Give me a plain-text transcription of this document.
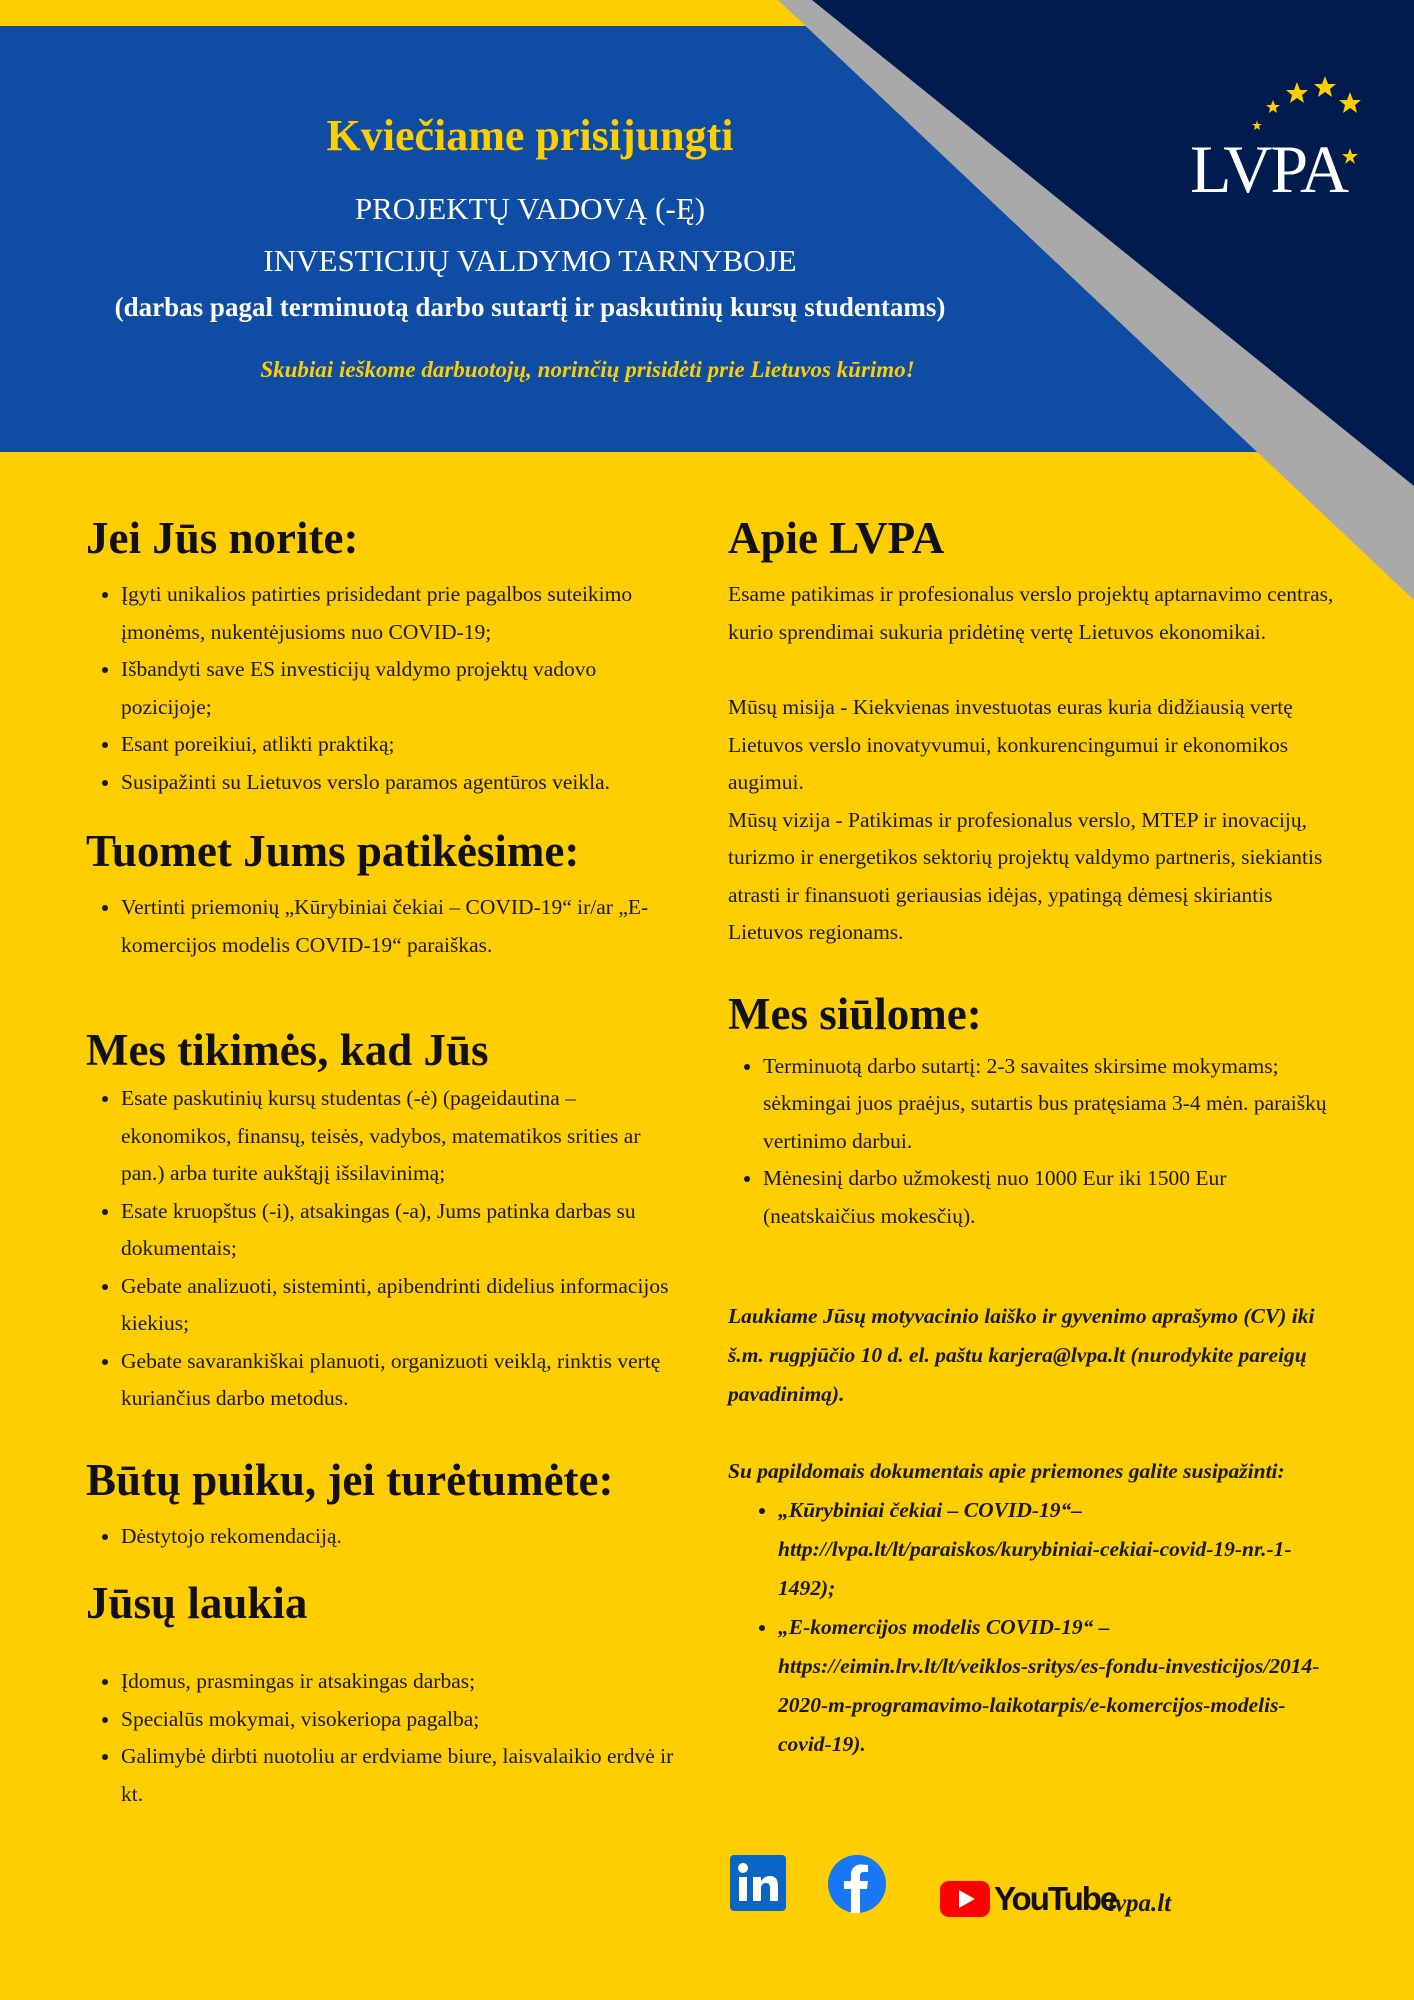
Kviečiame prisijungti
PROJEKTŲ VADOVĄ (-Ę)
INVESTICIJŲ VALDYMO TARNYBOJE
(darbas pagal terminuotą darbo sutartį ir paskutinių kursų studentams)
Skubiai ieškome darbuotojų, norinčių prisidėti prie Lietuvos kūrimo!
LVPA
Jei Jūs norite:
• Įgyti unikalios patirties prisidedant prie pagalbos suteikimo įmonėms, nukentėjusioms nuo COVID-19;
• Išbandyti save ES investicijų valdymo projektų vadovo pozicijoje;
• Esant poreikiui, atlikti praktiką;
• Susipažinti su Lietuvos verslo paramos agentūros veikla.
Tuomet Jums patikėsime:
• Vertinti priemonių „Kūrybiniai čekiai – COVID-19“ ir/ar „E-komercijos modelis COVID-19“ paraiškas.
Mes tikimės, kad Jūs
• Esate paskutinių kursų studentas (-ė) (pageidautina – ekonomikos, finansų, teisės, vadybos, matematikos srities ar pan.) arba turite aukštąjį išsilavinimą;
• Esate kruopštus (-i), atsakingas (-a), Jums patinka darbas su dokumentais;
• Gebate analizuoti, sisteminti, apibendrinti didelius informacijos kiekius;
• Gebate savarankiškai planuoti, organizuoti veiklą, rinktis vertę kuriančius darbo metodus.
Būtų puiku, jei turėtumėte:
• Dėstytojo rekomendaciją.
Jūsų laukia
• Įdomus, prasmingas ir atsakingas darbas;
• Specialūs mokymai, visokeriopa pagalba;
• Galimybė dirbti nuotoliu ar erdviame biure, laisvalaikio erdvė ir kt.
Apie LVPA

Esame patikimas ir profesionalus verslo projektų aptarnavimo centras, kurio sprendimai sukuria pridėtinę vertę Lietuvos ekonomikai.

Mūsų misija - Kiekvienas investuotas euras kuria didžiausią vertę Lietuvos verslo inovatyvumui, konkurencingumui ir ekonomikos augimui.

Mūsų vizija - Patikimas ir profesionalus verslo, MTEP ir inovacijų, turizmo ir energetikos sektorių projektų valdymo partneris, siekiantis atrasti ir finansuoti geriausias idėjas, ypatingą dėmesį skiriantis Lietuvos regionams.

Mes siūlome:
• Terminuotą darbo sutartį: 2-3 savaites skirsime mokymams; sėkmingai juos praėjus, sutartis bus pratęsiama 3-4 mėn. paraiškų vertinimo darbui.
• Mėnesinį darbo užmokestį nuo 1000 Eur iki 1500 Eur (neatskaičius mokesčių).

Laukiame Jūsų motyvacinio laiško ir gyvenimo aprašymo (CV) iki š.m. rugpjūčio 10 d. el. paštu karjera@lvpa.lt (nurodykite pareigų pavadinimą).

Su papildomais dokumentais apie priemones galite susipažinti:

• „Kūrybiniai čekiai – COVID-19“– http://lvpa.lt/lt/paraiskos/kurybiniai-cekiai-covid-19-nr.-1-1492);
• „E-komercijos modelis COVID-19“ – https://eimin.lrv.lt/lt/veiklos-sritys/es-fondu-investicijos/2014-2020-m-programavimo-laikotarpis/e-komercijos-modelis-covid-19).
YouTube
lvpa.lt
